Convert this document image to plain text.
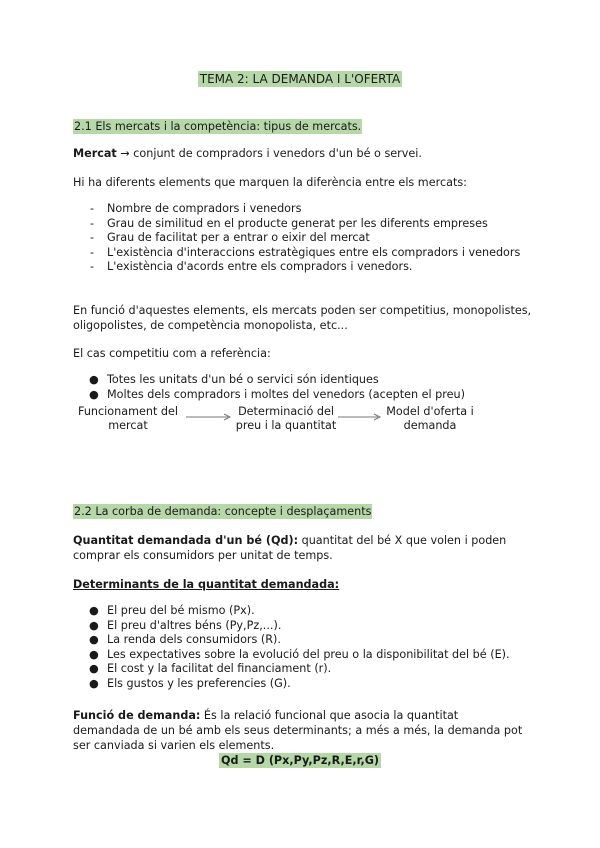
TEMA 2: LA DEMANDA I L'OFERTA
2.1 Els mercats i la competència: tipus de mercats.
Mercat → conjunt de compradors i venedors d'un bé o servei.
Hi ha diferents elements que marquen la diferència entre els mercats:
- Nombre de compradors i venedors
- Grau de similitud en el producte generat per les diferents empreses
- Grau de facilitat per a entrar o eixir del mercat
- L'existència d'interaccions estratègiques entre els compradors i venedors
- L'existència d'acords entre els compradors i venedors.
En funció d'aquestes elements, els mercats poden ser competitius, monopolistes, oligopolistes, de competència monopolista, etc...
El cas competitiu com a referència:
● Totes les unitats d'un bé o servici són identiques
● Moltes dels compradors i moltes del venedors (acepten el preu)
Funcionament del mercat
Determinació del preu i la quantitat
Model d'oferta i demanda
2.2 La corba de demanda: concepte i desplaçaments
Quantitat demandada d'un bé (Qd): quantitat del bé X que volen i poden comprar els consumidors per unitat de temps.
Determinants de la quantitat demandada:
● El preu del bé mismo (Px).
● El preu d'altres béns (Py,Pz,...).
● La renda dels consumidors (R).
● Les expectatives sobre la evolució del preu o la disponibilitat del bé (E).
● El cost y la facilitat del financiament (r).
● Els gustos y les preferencies (G).
Funció de demanda: És la relació funcional que asocia la quantitat demandada de un bé amb els seus determinants; a més a més, la demanda pot ser canviada si varien els elements.
Qd = D (Px,Py,Pz,R,E,r,G)
